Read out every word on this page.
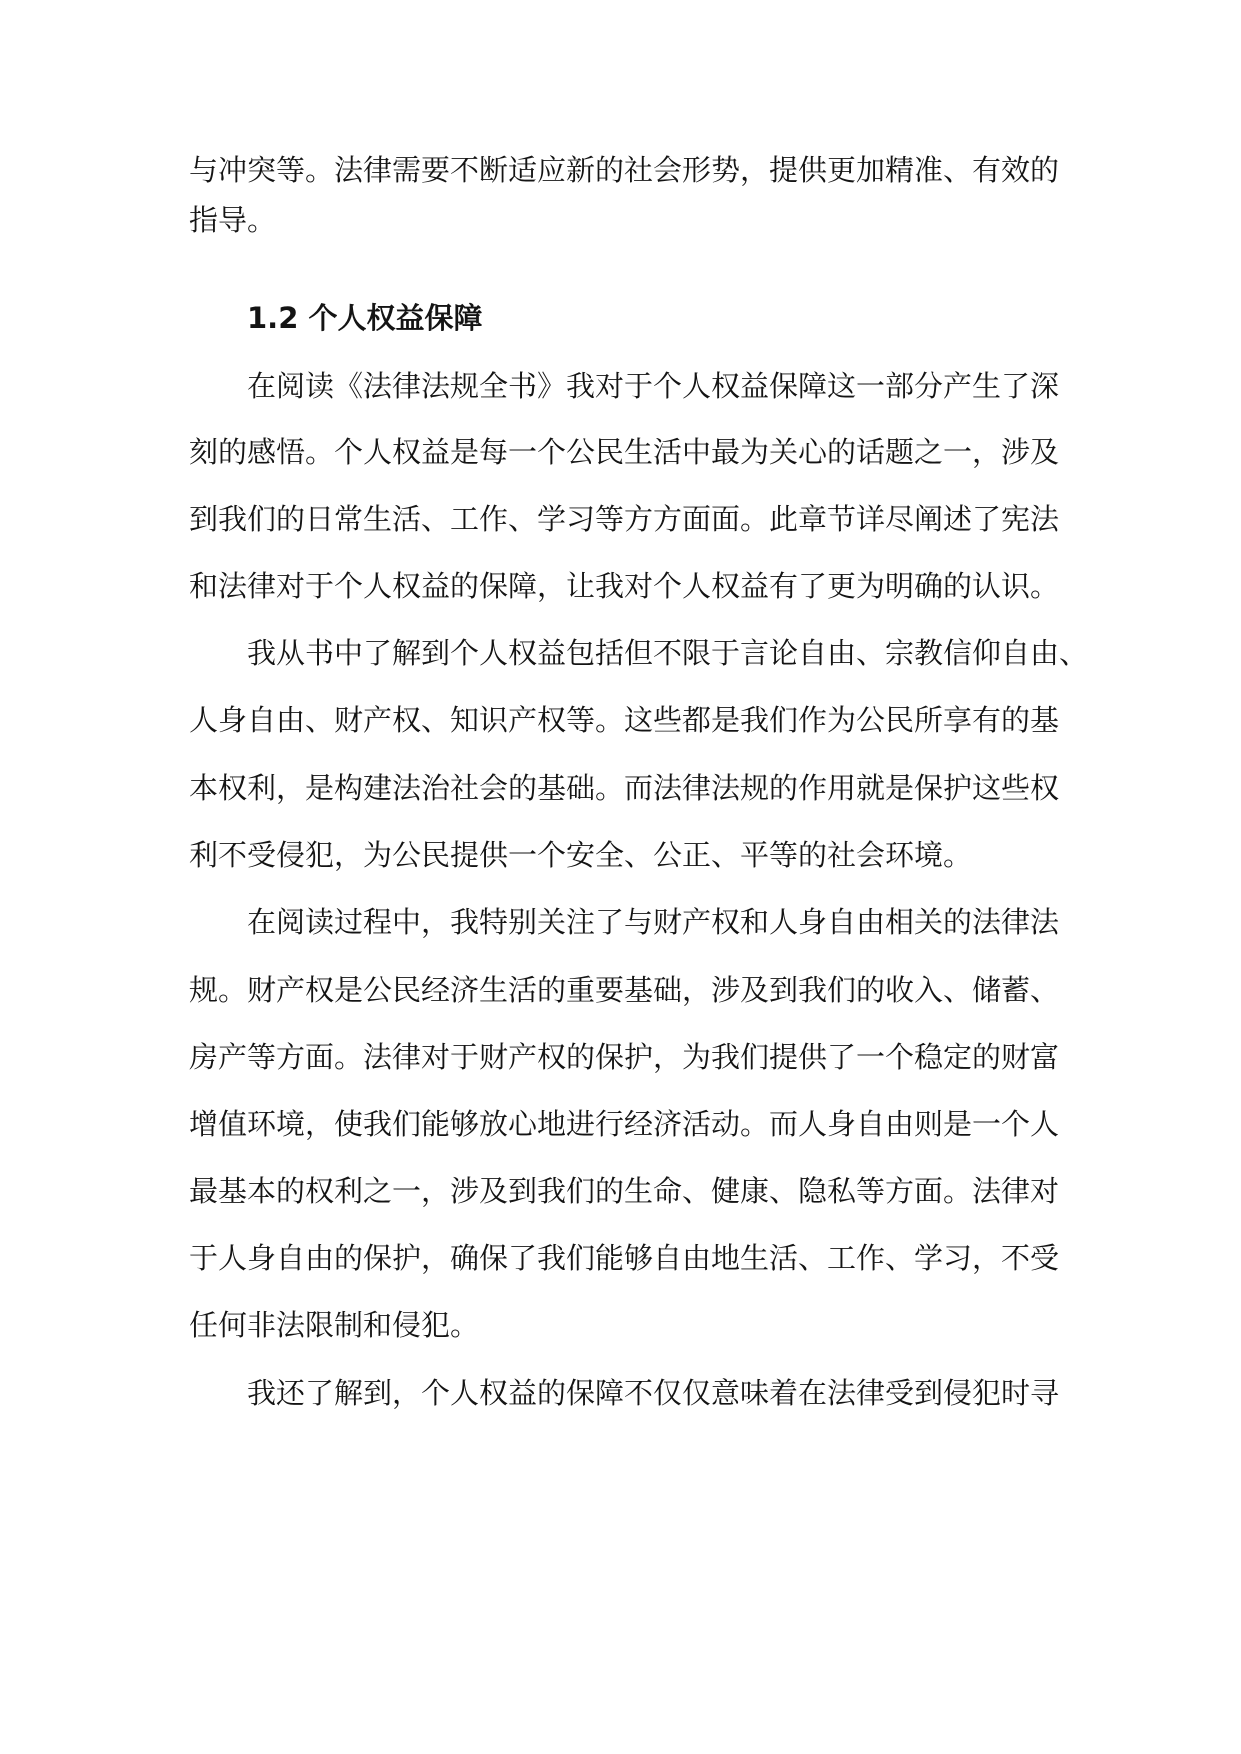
与冲突等。法律需要不断适应新的社会形势，提供更加精准、有效的
指导。
1.2 个人权益保障
在阅读《法律法规全书》我对于个人权益保障这一部分产生了深
刻的感悟。个人权益是每一个公民生活中最为关心的话题之一，涉及
到我们的日常生活、工作、学习等方方面面。此章节详尽阐述了宪法
和法律对于个人权益的保障，让我对个人权益有了更为明确的认识。
我从书中了解到个人权益包括但不限于言论自由、宗教信仰自由、
人身自由、财产权、知识产权等。这些都是我们作为公民所享有的基
本权利，是构建法治社会的基础。而法律法规的作用就是保护这些权
利不受侵犯，为公民提供一个安全、公正、平等的社会环境。
在阅读过程中，我特别关注了与财产权和人身自由相关的法律法
规。财产权是公民经济生活的重要基础，涉及到我们的收入、储蓄、
房产等方面。法律对于财产权的保护，为我们提供了一个稳定的财富
增值环境，使我们能够放心地进行经济活动。而人身自由则是一个人
最基本的权利之一，涉及到我们的生命、健康、隐私等方面。法律对
于人身自由的保护，确保了我们能够自由地生活、工作、学习，不受
任何非法限制和侵犯。
我还了解到，个人权益的保障不仅仅意味着在法律受到侵犯时寻
